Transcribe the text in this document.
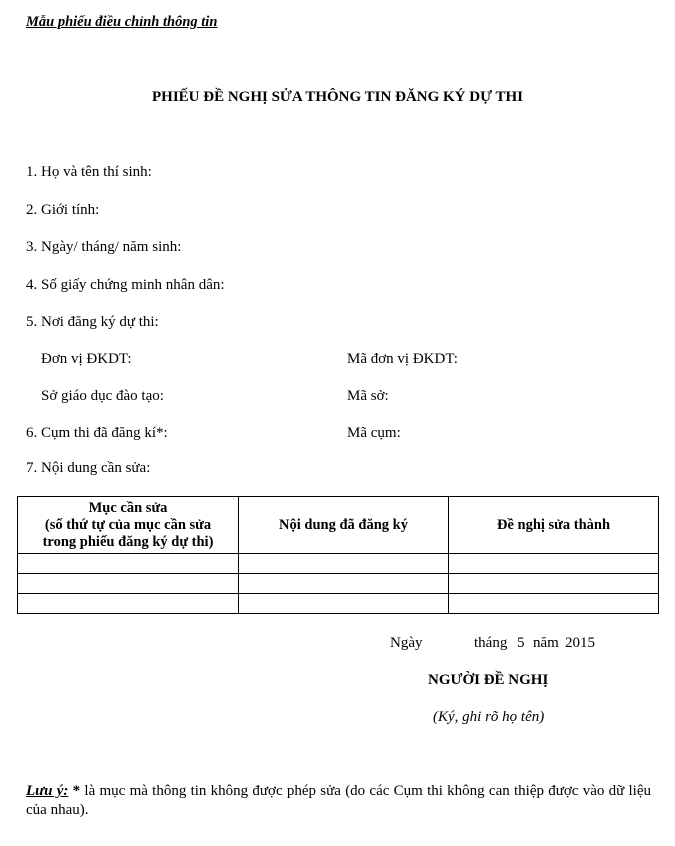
Mẫu phiếu điều chỉnh thông tin
PHIẾU ĐỀ NGHỊ SỬA THÔNG TIN ĐĂNG KÝ DỰ THI
1. Họ và tên thí sinh:
2. Giới tính:
3. Ngày/ tháng/ năm sinh:
4. Số giấy chứng minh nhân dân:
5. Nơi đăng ký dự thi:
Đơn vị ĐKDT:	Mã đơn vị ĐKDT:
Sở giáo dục đào tạo:	Mã sở:
6. Cụm thi đã đăng kí*:	Mã cụm:
7. Nội dung cần sửa:
Mục cần sửa
(số thứ tự của mục cần sửa
trong phiếu đăng ký dự thi)	Nội dung đã đăng ký	Đề nghị sửa thành

Ngày	tháng 5 năm 2015
NGƯỜI ĐỀ NGHỊ
(Ký, ghi rõ họ tên)
Lưu ý: * là mục mà thông tin không được phép sửa (do các Cụm thi không can thiệp được vào dữ liệu của nhau).
